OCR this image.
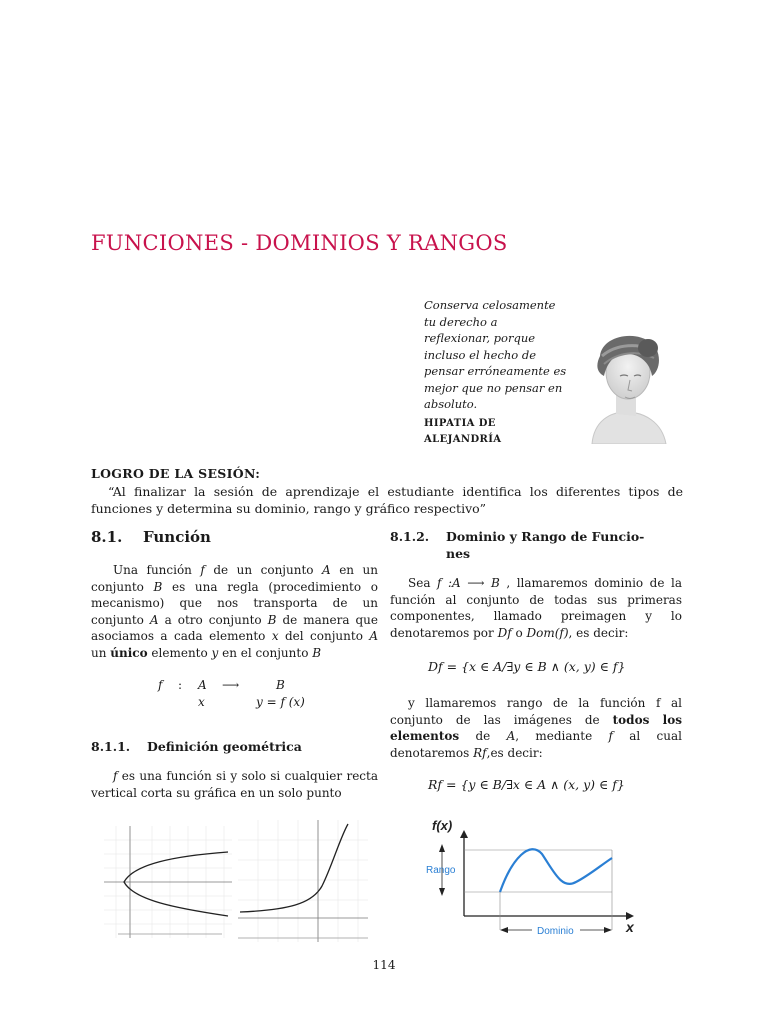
FUNCIONES - DOMINIOS Y RANGOS
Conserva celosamente
tu derecho a
reflexionar, porque
incluso el hecho de
pensar erróneamente es
mejor que no pensar en
absoluto.
HIPATIA DE
ALEJANDRÍA
LOGRO DE LA SESIÓN:
“Al finalizar la sesión de aprendizaje el estudiante identifica los diferentes tipos de funciones y determina su dominio, rango y gráfico respectivo”
8.1. Función
Una función f de un conjunto A en un conjunto B es una regla (procedimiento o mecanismo) que nos transporta de un conjunto A a otro conjunto B de manera que asociamos a cada elemento x del conjunto A un único elemento y en el conjunto B
f : A ⟶	B
x	y = f (x)
8.1.1. Definición geométrica
f es una función si y solo si cualquier recta vertical corta su gráfica en un solo punto
8.1.2. Dominio y Rango de Funcio-
nes
Sea f :A ⟶ B , llamaremos dominio de la función al conjunto de todas sus primeras componentes, llamado preimagen y lo denotaremos por Df o Dom(f), es decir:
Df = {x ∈ A/∃y ∈ B ∧ (x, y) ∈ f}
y llamaremos rango de la función f al conjunto de las imágenes de todos los elementos de A, mediante f al cual denotaremos Rf,es decir:
Rf = {y ∈ B/∃x ∈ A ∧ (x, y) ∈ f}
f(x)
Rango
Dominio	x
114
